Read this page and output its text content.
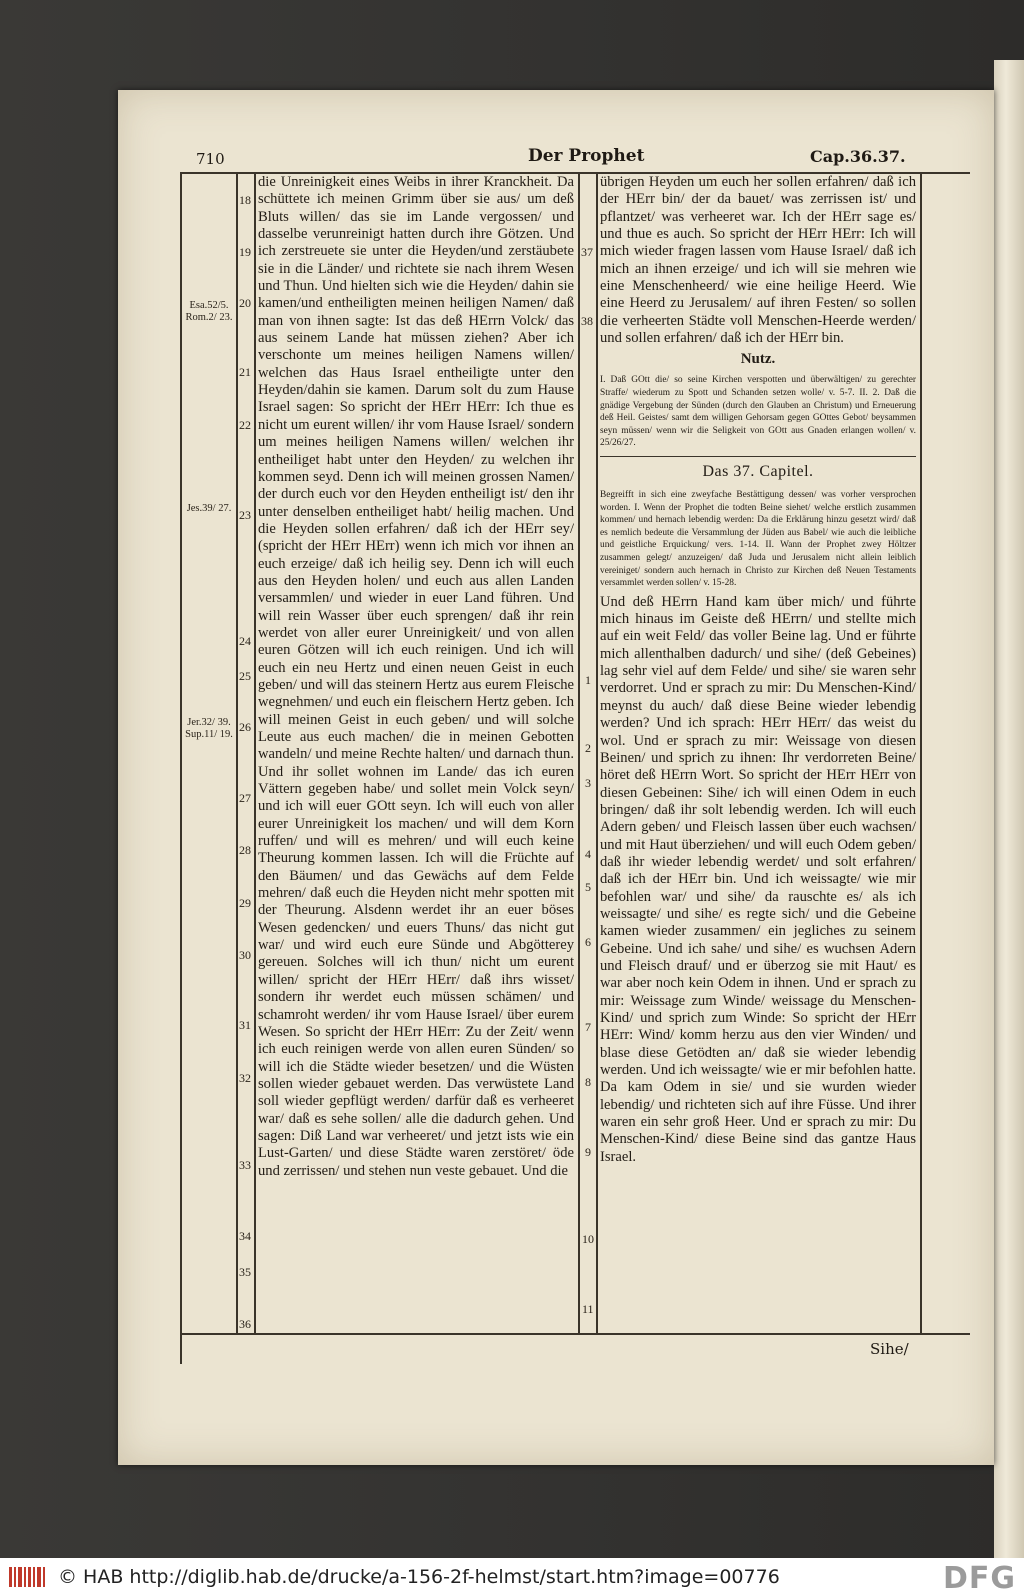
710	Der Prophet	Cap.36.37.
Esa.52/5. Rom.2/ 23.
Jes.39/ 27.
Jer.32/ 39. Sup.11/ 19.
18
19
20
21
22
23
24
25
26
27
28
29
30
31
32
33
34
35
36
die Unreinigkeit eines Weibs in ihrer Kranckheit. Da schüttete ich meinen Grimm über sie aus/ um deß Bluts willen/ das sie im Lande vergossen/ und dasselbe verunreinigt hatten durch ihre Götzen. Und ich zerstreuete sie unter die Heyden/und zerstäubete sie in die Länder/ und richtete sie nach ihrem Wesen und Thun. Und hielten sich wie die Heyden/ dahin sie kamen/und entheiligten meinen heiligen Namen/ daß man von ihnen sagte: Ist das deß HErrn Volck/ das aus seinem Lande hat müssen ziehen? Aber ich verschonte um meines heiligen Namens willen/ welchen das Haus Israel entheiligte unter den Heyden/dahin sie kamen. Darum solt du zum Hause Israel sagen: So spricht der HErr HErr: Ich thue es nicht um eurent willen/ ihr vom Hause Israel/ sondern um meines heiligen Namens willen/ welchen ihr entheiliget habt unter den Heyden/ zu welchen ihr kommen seyd. Denn ich will meinen grossen Namen/ der durch euch vor den Heyden entheiligt ist/ den ihr unter denselben entheiliget habt/ heilig machen. Und die Heyden sollen erfahren/ daß ich der HErr sey/ (spricht der HErr HErr) wenn ich mich vor ihnen an euch erzeige/ daß ich heilig sey. Denn ich will euch aus den Heyden holen/ und euch aus allen Landen versammlen/ und wieder in euer Land führen. Und will rein Wasser über euch sprengen/ daß ihr rein werdet von aller eurer Unreinigkeit/ und von allen euren Götzen will ich euch reinigen. Und ich will euch ein neu Hertz und einen neuen Geist in euch geben/ und will das steinern Hertz aus eurem Fleische wegnehmen/ und euch ein fleischern Hertz geben. Ich will meinen Geist in euch geben/ und will solche Leute aus euch machen/ die in meinen Gebotten wandeln/ und meine Rechte halten/ und darnach thun. Und ihr sollet wohnen im Lande/ das ich euren Vättern gegeben habe/ und sollet mein Volck seyn/ und ich will euer GOtt seyn. Ich will euch von aller eurer Unreinigkeit los machen/ und will dem Korn ruffen/ und will es mehren/ und will euch keine Theurung kommen lassen. Ich will die Früchte auf den Bäumen/ und das Gewächs auf dem Felde mehren/ daß euch die Heyden nicht mehr spotten mit der Theurung. Alsdenn werdet ihr an euer böses Wesen gedencken/ und euers Thuns/ das nicht gut war/ und wird euch eure Sünde und Abgötterey gereuen. Solches will ich thun/ nicht um eurent willen/ spricht der HErr HErr/ daß ihrs wisset/ sondern ihr werdet euch müssen schämen/ und schamroht werden/ ihr vom Hause Israel/ über eurem Wesen. So spricht der HErr HErr: Zu der Zeit/ wenn ich euch reinigen werde von allen euren Sünden/ so will ich die Städte wieder besetzen/ und die Wüsten sollen wieder gebauet werden. Das verwüstete Land soll wieder gepflügt werden/ darfür daß es verheeret war/ daß es sehe sollen/ alle die dadurch gehen. Und sagen: Diß Land war verheeret/ und jetzt ists wie ein Lust-Garten/ und diese Städte waren zerstöret/ öde und zerrissen/ und stehen nun veste gebauet. Und die
37
38
1
2
3
4
5
6
7
8
9
10
11
übrigen Heyden um euch her sollen erfahren/ daß ich der HErr bin/ der da bauet/ was zerrissen ist/ und pflantzet/ was verheeret war. Ich der HErr sage es/ und thue es auch. So spricht der HErr HErr: Ich will mich wieder fragen lassen vom Hause Israel/ daß ich mich an ihnen erzeige/ und ich will sie mehren wie eine Menschenheerd/ wie eine heilige Heerd. Wie eine Heerd zu Jerusalem/ auf ihren Festen/ so sollen die verheerten Städte voll Menschen-Heerde werden/ und sollen erfahren/ daß ich der HErr bin.
Nutz.
I. Daß GOtt die/ so seine Kirchen verspotten und überwältigen/ zu gerechter Straffe/ wiederum zu Spott und Schanden setzen wolle/ v. 5-7. II. 2. Daß die gnädige Vergebung der Sünden (durch den Glauben an Christum) und Erneuerung deß Heil. Geistes/ samt dem willigen Gehorsam gegen GOttes Gebot/ beysammen seyn müssen/ wenn wir die Seligkeit von GOtt aus Gnaden erlangen wollen/ v. 25/26/27.
Das 37. Capitel.
Begreifft in sich eine zweyfache Bestättigung dessen/ was vorher versprochen worden. I. Wenn der Prophet die todten Beine siehet/ welche erstlich zusammen kommen/ und hernach lebendig werden: Da die Erklärung hinzu gesetzt wird/ daß es nemlich bedeute die Versammlung der Jüden aus Babel/ wie auch die leibliche und geistliche Erquickung/ vers. 1-14. II. Wann der Prophet zwey Höltzer zusammen gelegt/ anzuzeigen/ daß Juda und Jerusalem nicht allein leiblich vereiniget/ sondern auch hernach in Christo zur Kirchen deß Neuen Testaments versammlet werden sollen/ v. 15-28.
Und deß HErrn Hand kam über mich/ und führte mich hinaus im Geiste deß HErrn/ und stellte mich auf ein weit Feld/ das voller Beine lag. Und er führte mich allenthalben dadurch/ und sihe/ (deß Gebeines) lag sehr viel auf dem Felde/ und sihe/ sie waren sehr verdorret. Und er sprach zu mir: Du Menschen-Kind/ meynst du auch/ daß diese Beine wieder lebendig werden? Und ich sprach: HErr HErr/ das weist du wol. Und er sprach zu mir: Weissage von diesen Beinen/ und sprich zu ihnen: Ihr verdorreten Beine/ höret deß HErrn Wort. So spricht der HErr HErr von diesen Gebeinen: Sihe/ ich will einen Odem in euch bringen/ daß ihr solt lebendig werden. Ich will euch Adern geben/ und Fleisch lassen über euch wachsen/ und mit Haut überziehen/ und will euch Odem geben/ daß ihr wieder lebendig werdet/ und solt erfahren/ daß ich der HErr bin. Und ich weissagte/ wie mir befohlen war/ und sihe/ da rauschte es/ als ich weissagte/ und sihe/ es regte sich/ und die Gebeine kamen wieder zusammen/ ein jegliches zu seinem Gebeine. Und ich sahe/ und sihe/ es wuchsen Adern und Fleisch drauf/ und er überzog sie mit Haut/ es war aber noch kein Odem in ihnen. Und er sprach zu mir: Weissage zum Winde/ weissage du Menschen-Kind/ und sprich zum Winde: So spricht der HErr HErr: Wind/ komm herzu aus den vier Winden/ und blase diese Getödten an/ daß sie wieder lebendig werden. Und ich weissagte/ wie er mir befohlen hatte. Da kam Odem in sie/ und sie wurden wieder lebendig/ und richteten sich auf ihre Füsse. Und ihrer waren ein sehr groß Heer. Und er sprach zu mir: Du Menschen-Kind/ diese Beine sind das gantze Haus Israel.
Sihe/
© HAB http://diglib.hab.de/drucke/a-156-2f-helmst/start.htm?image=00776	DFG
